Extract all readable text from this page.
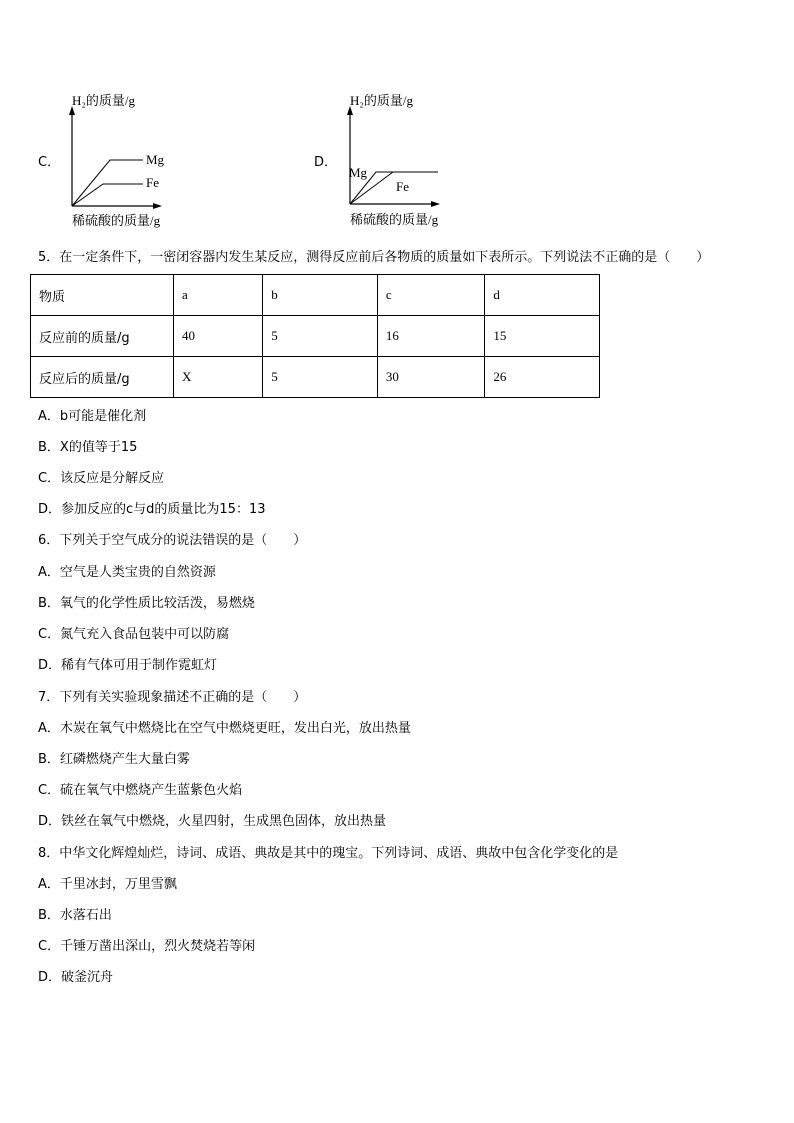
C．
H₂的质量/g
Mg
Fe
稀硫酸的质量/g
D．
H₂的质量/g
Mg
Fe
稀硫酸的质量/g
5．在一定条件下，一密闭容器内发生某反应，测得反应前后各物质的质量如下表所示。下列说法不正确的是（　　）
物质	a	b	c	d
反应前的质量/g	40	5	16	15
反应后的质量/g	X	5	30	26
A．b可能是催化剂
B．X的值等于15
C．该反应是分解反应
D．参加反应的c与d的质量比为15：13
6．下列关于空气成分的说法错误的是（　　）
A．空气是人类宝贵的自然资源
B．氧气的化学性质比较活泼，易燃烧
C．氮气充入食品包装中可以防腐
D．稀有气体可用于制作霓虹灯
7．下列有关实验现象描述不正确的是（　　）
A．木炭在氧气中燃烧比在空气中燃烧更旺，发出白光，放出热量
B．红磷燃烧产生大量白雾
C．硫在氧气中燃烧产生蓝紫色火焰
D．铁丝在氧气中燃烧，火星四射，生成黑色固体，放出热量
8．中华文化辉煌灿烂，诗词、成语、典故是其中的瑰宝。下列诗词、成语、典故中包含化学变化的是
A．千里冰封，万里雪飘
B．水落石出
C．千锤万凿出深山，烈火焚烧若等闲
D．破釜沉舟
